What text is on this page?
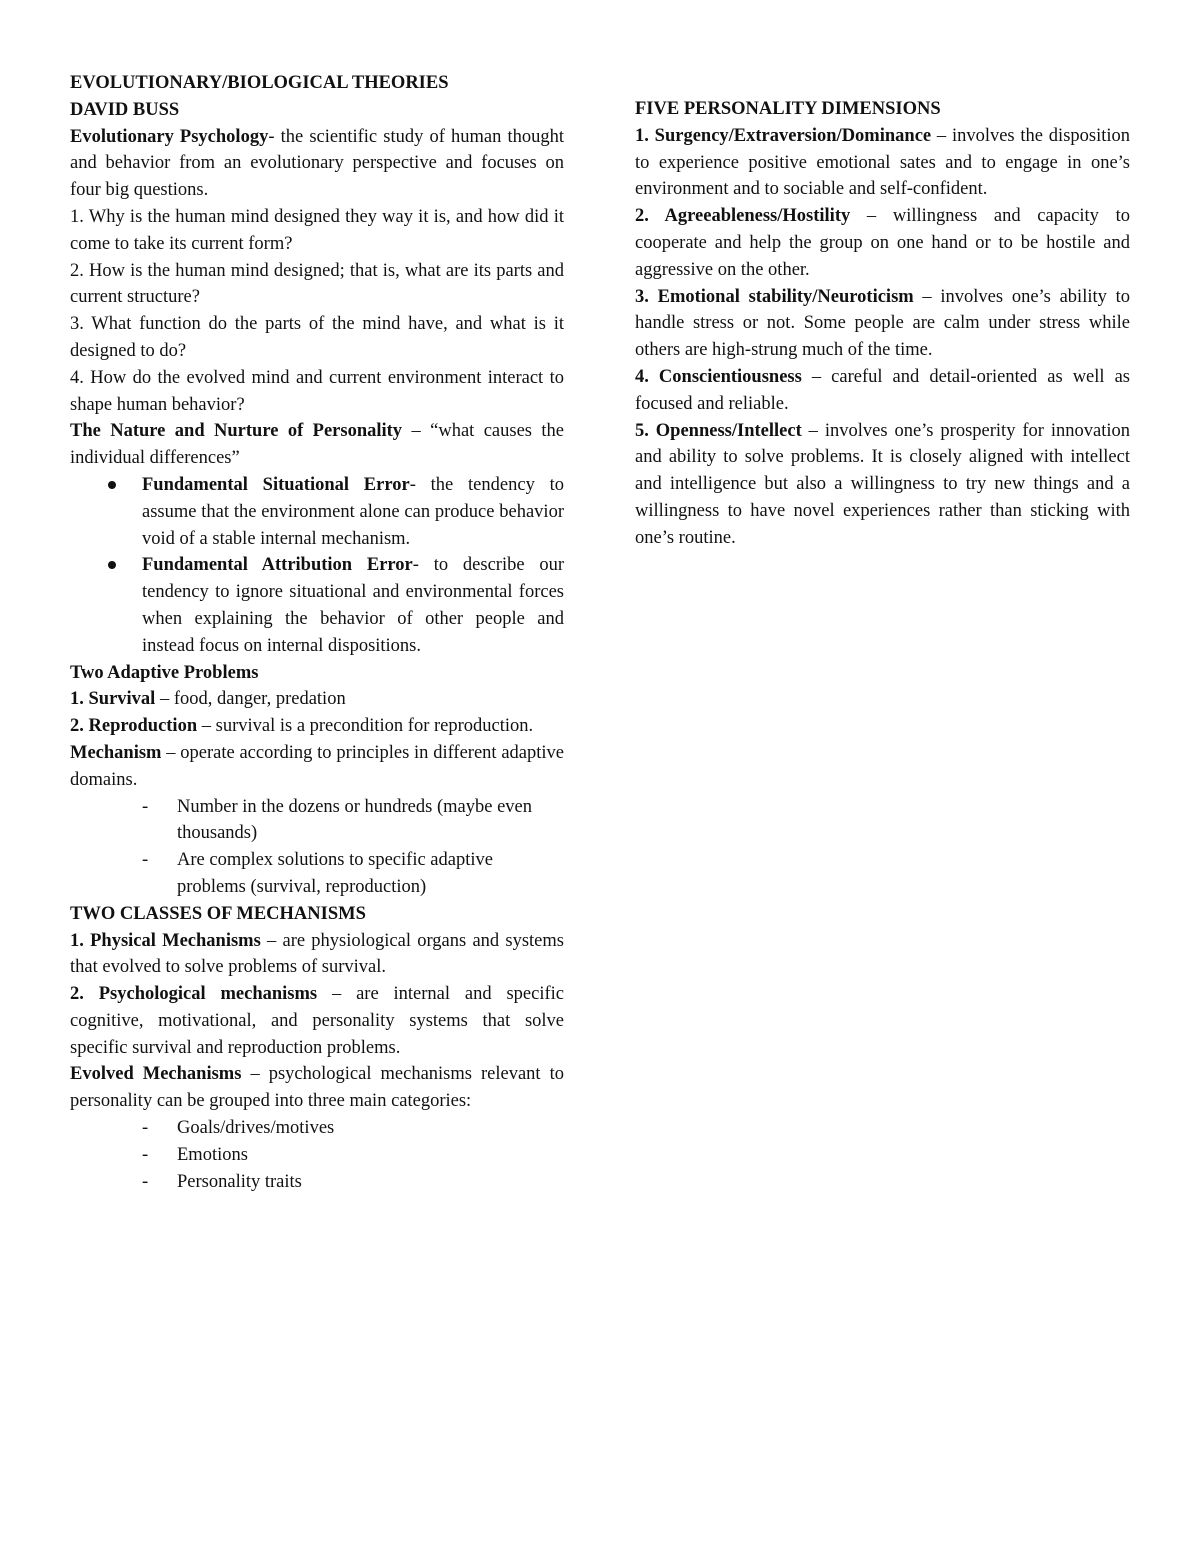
EVOLUTIONARY/BIOLOGICAL THEORIES

DAVID BUSS

Evolutionary Psychology- the scientific study of human thought and behavior from an evolutionary perspective and focuses on four big questions.

1. Why is the human mind designed they way it is, and how did it come to take its current form?

2. How is the human mind designed; that is, what are its parts and current structure?

3. What function do the parts of the mind have, and what is it designed to do?

4. How do the evolved mind and current environment interact to shape human behavior?

The Nature and Nurture of Personality – “what causes the individual differences”

Fundamental Situational Error- the tendency to assume that the environment alone can produce behavior void of a stable internal mechanism.
Fundamental Attribution Error- to describe our tendency to ignore situational and environmental forces when explaining the behavior of other people and instead focus on internal dispositions.

Two Adaptive Problems

1. Survival – food, danger, predation

2. Reproduction – survival is a precondition for reproduction.

Mechanism – operate according to principles in different adaptive domains.

- Number in the dozens or hundreds (maybe even thousands)
- Are complex solutions to specific adaptive problems (survival, reproduction)

TWO CLASSES OF MECHANISMS

1. Physical Mechanisms – are physiological organs and systems that evolved to solve problems of survival.

2. Psychological mechanisms – are internal and specific cognitive, motivational, and personality systems that solve specific survival and reproduction problems.

Evolved Mechanisms – psychological mechanisms relevant to personality can be grouped into three main categories:

- Goals/drives/motives
- Emotions
- Personality traits

FIVE PERSONALITY DIMENSIONS

1. Surgency/Extraversion/Dominance – involves the disposition to experience positive emotional sates and to engage in one’s environment and to sociable and self-confident.

2. Agreeableness/Hostility – willingness and capacity to cooperate and help the group on one hand or to be hostile and aggressive on the other.

3. Emotional stability/Neuroticism – involves one’s ability to handle stress or not. Some people are calm under stress while others are high-strung much of the time.

4. Conscientiousness – careful and detail-oriented as well as focused and reliable.

5. Openness/Intellect – involves one’s prosperity for innovation and ability to solve problems. It is closely aligned with intellect and intelligence but also a willingness to try new things and a willingness to have novel experiences rather than sticking with one’s routine.
